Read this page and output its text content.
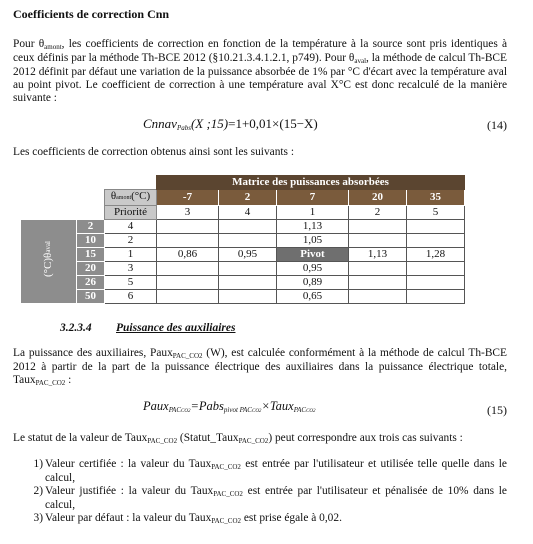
Coefficients de correction Cnn

Pour θamont, les coefficients de correction en fonction de la température à la source sont pris identiques à ceux définis par la méthode Th-BCE 2012 (§10.21.3.4.1.2.1, p749). Pour θaval, la méthode de calcul Th-BCE 2012 définit par défaut une variation de la puissance absorbée de 1% par °C d'écart avec la température aval au point pivot. Le coefficient de correction à une température aval X°C est donc recalculé de la manière suivante :

CnnavPabs(X ;15)=1+0,01×(15−X)	(14)

Les coefficients de correction obtenus ainsi sont les suivants :

			Matrice des puissances absorbées				
		θamont(°C)	-7	2	7	20	35
		Priorité	3	4	1	2	5
(°C)θaval	2	4			1,13		
	10	2			1,05		
	15	1	0,86	0,95	Pivot	1,13	1,28
	20	3			0,95		
	26	5			0,89		
	50	6			0,65		
3.2.3.4 Puissance des auxiliaires

La puissance des auxiliaires, PauxPAC_CO2 (W), est calculée conformément à la méthode de calcul Th-BCE 2012 à partir de la part de la puissance électrique des auxiliaires dans la puissance électrique totale, TauxPAC_CO2 :

PauxPACCO2=Pabspivot PACCO2×TauxPACCO2	(15)

Le statut de la valeur de TauxPAC_CO2 (Statut_TauxPAC_CO2) peut correspondre aux trois cas suivants :

1) Valeur certifiée : la valeur du TauxPAC_CO2 est entrée par l'utilisateur et utilisée telle quelle dans le calcul,
2) Valeur justifiée : la valeur du TauxPAC_CO2 est entrée par l'utilisateur et pénalisée de 10% dans le calcul,
3) Valeur par défaut : la valeur du TauxPAC_CO2 est prise égale à 0,02.
